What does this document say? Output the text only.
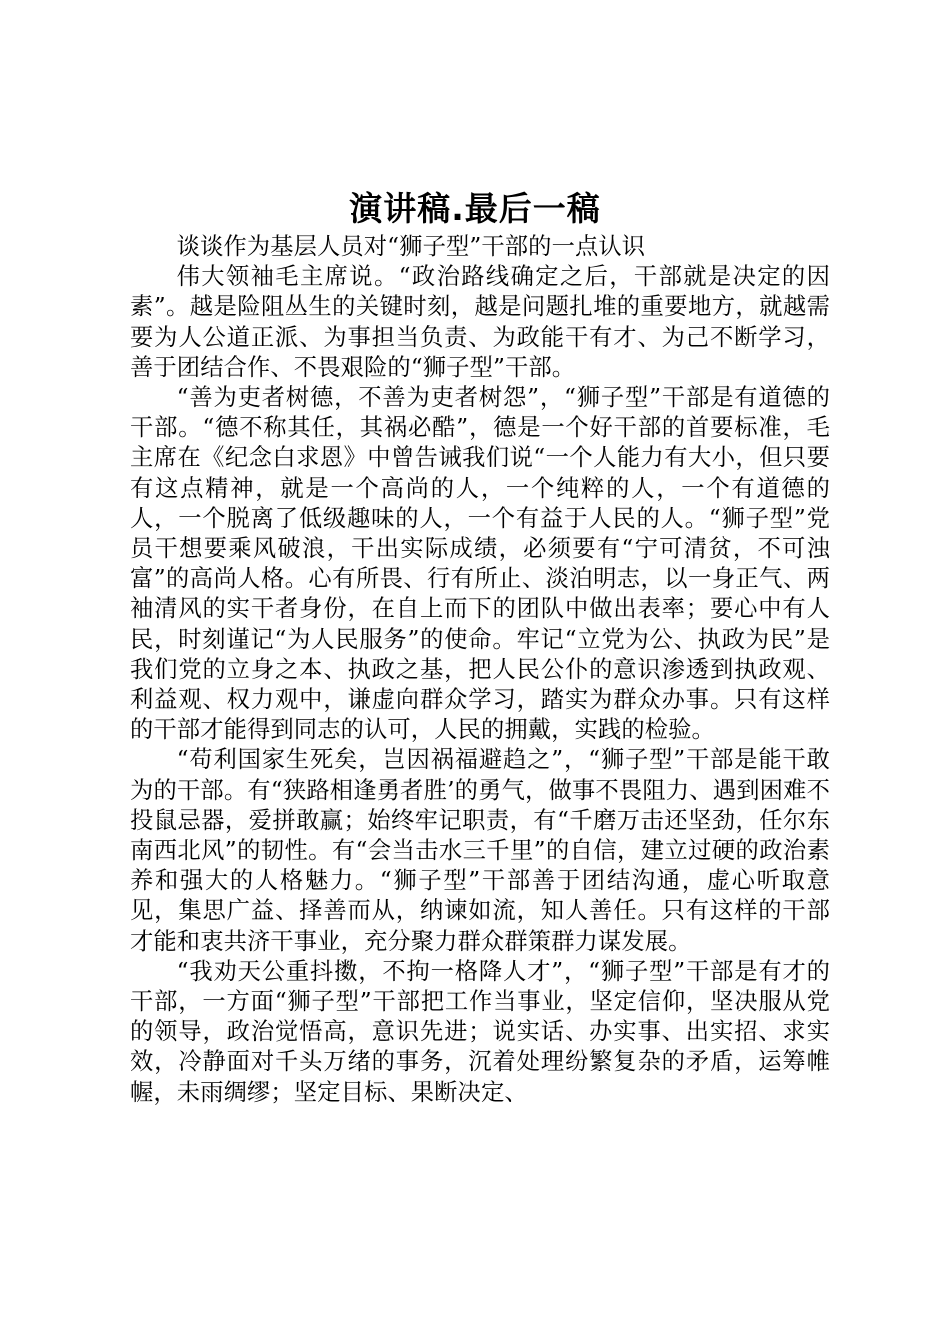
演讲稿.最后一稿

谈谈作为基层人员对“狮子型”干部的一点认识

伟大领袖毛主席说。“政治路线确定之后，干部就是决定的因素”。越是险阻丛生的关键时刻，越是问题扎堆的重要地方，就越需要为人公道正派、为事担当负责、为政能干有才、为己不断学习，善于团结合作、不畏艰险的“狮子型”干部。

“善为吏者树德，不善为吏者树怨”，“狮子型”干部是有道德的干部。“德不称其任，其祸必酷”，德是一个好干部的首要标准，毛主席在《纪念白求恩》中曾告诫我们说“一个人能力有大小，但只要有这点精神，就是一个高尚的人，一个纯粹的人，一个有道德的人，一个脱离了低级趣味的人，一个有益于人民的人。“狮子型”党员干想要乘风破浪，干出实际成绩，必须要有“宁可清贫，不可浊富”的高尚人格。心有所畏、行有所止、淡泊明志，以一身正气、两袖清风的实干者身份，在自上而下的团队中做出表率；要心中有人民，时刻谨记“为人民服务”的使命。牢记“立党为公、执政为民”是我们党的立身之本、执政之基，把人民公仆的意识渗透到执政观、利益观、权力观中，谦虚向群众学习，踏实为群众办事。只有这样的干部才能得到同志的认可，人民的拥戴，实践的检验。

“苟利国家生死矣，岂因祸福避趋之”，“狮子型”干部是能干敢为的干部。有“狭路相逢勇者胜’的勇气，做事不畏阻力、遇到困难不投鼠忌器，爱拼敢赢；始终牢记职责，有“千磨万击还坚劲，任尔东南西北风”的韧性。有“会当击水三千里”的自信，建立过硬的政治素养和强大的人格魅力。“狮子型”干部善于团结沟通，虚心听取意见，集思广益、择善而从，纳谏如流，知人善任。只有这样的干部才能和衷共济干事业，充分聚力群众群策群力谋发展。

“我劝天公重抖擞，不拘一格降人才”，“狮子型”干部是有才的干部，一方面“狮子型”干部把工作当事业，坚定信仰，坚决服从党的领导，政治觉悟高，意识先进；说实话、办实事、出实招、求实效，冷静面对千头万绪的事务，沉着处理纷繁复杂的矛盾，运筹帷幄，未雨绸缪；坚定目标、果断决定、
